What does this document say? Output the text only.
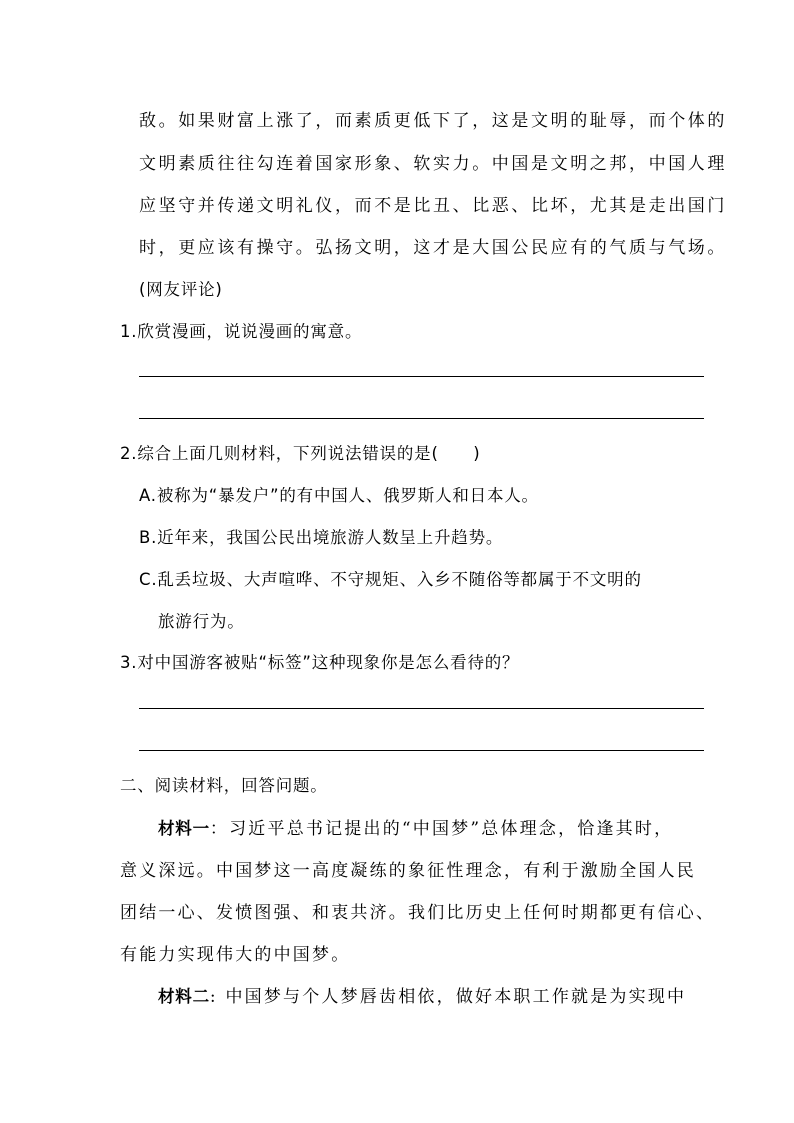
敌。如果财富上涨了，而素质更低下了，这是文明的耻辱，而个体的
文明素质往往勾连着国家形象、软实力。中国是文明之邦，中国人理
应坚守并传递文明礼仪，而不是比丑、比恶、比坏，尤其是走出国门
时，更应该有操守。弘扬文明，这才是大国公民应有的气质与气场。
(网友评论)
1.欣赏漫画，说说漫画的寓意。
2.综合上面几则材料，下列说法错误的是(　　)
A.被称为“暴发户”的有中国人、俄罗斯人和日本人。
B.近年来，我国公民出境旅游人数呈上升趋势。
C.乱丢垃圾、大声喧哗、不守规矩、入乡不随俗等都属于不文明的
旅游行为。
3.对中国游客被贴“标签”这种现象你是怎么看待的？
二、阅读材料，回答问题。
材料一：习近平总书记提出的“中国梦”总体理念，恰逢其时，
意义深远。中国梦这一高度凝练的象征性理念，有利于激励全国人民
团结一心、发愤图强、和衷共济。我们比历史上任何时期都更有信心、
有能力实现伟大的中国梦。
材料二: 中国梦与个人梦唇齿相依，做好本职工作就是为实现中
